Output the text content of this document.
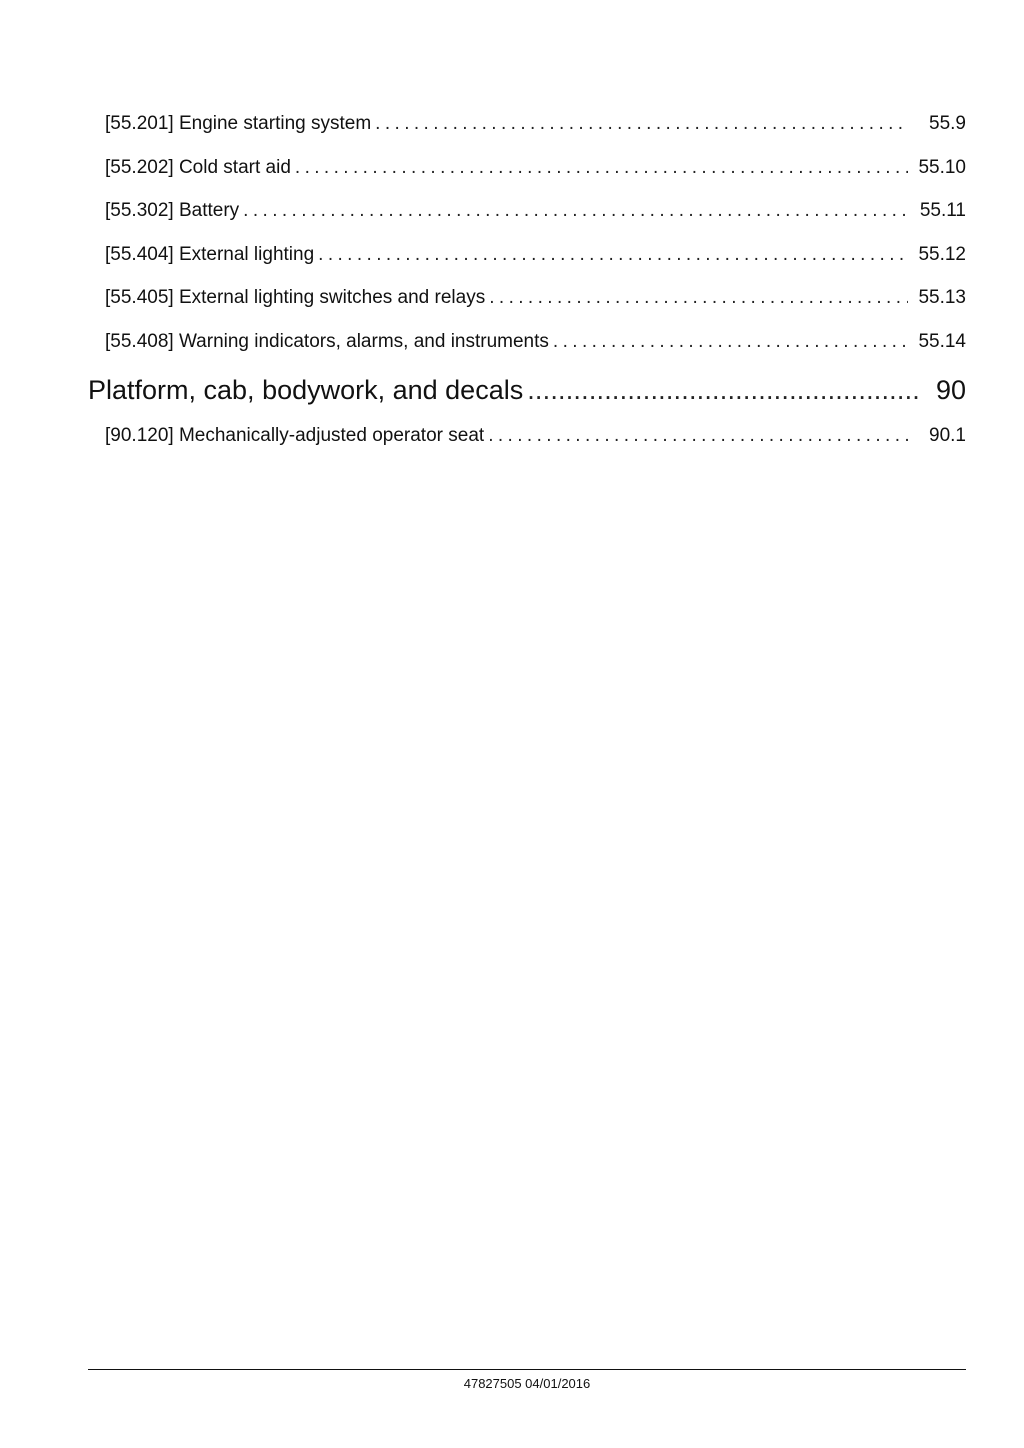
[55.201] Engine starting system .....	55.9
[55.202] Cold start aid .....	55.10
[55.302] Battery .....	55.11
[55.404] External lighting .....	55.12
[55.405] External lighting switches and relays .....	55.13
[55.408] Warning indicators, alarms, and instruments .....	55.14
Platform, cab, bodywork, and decals .....	90
[90.120] Mechanically-adjusted operator seat .....	90.1
47827505 04/01/2016
